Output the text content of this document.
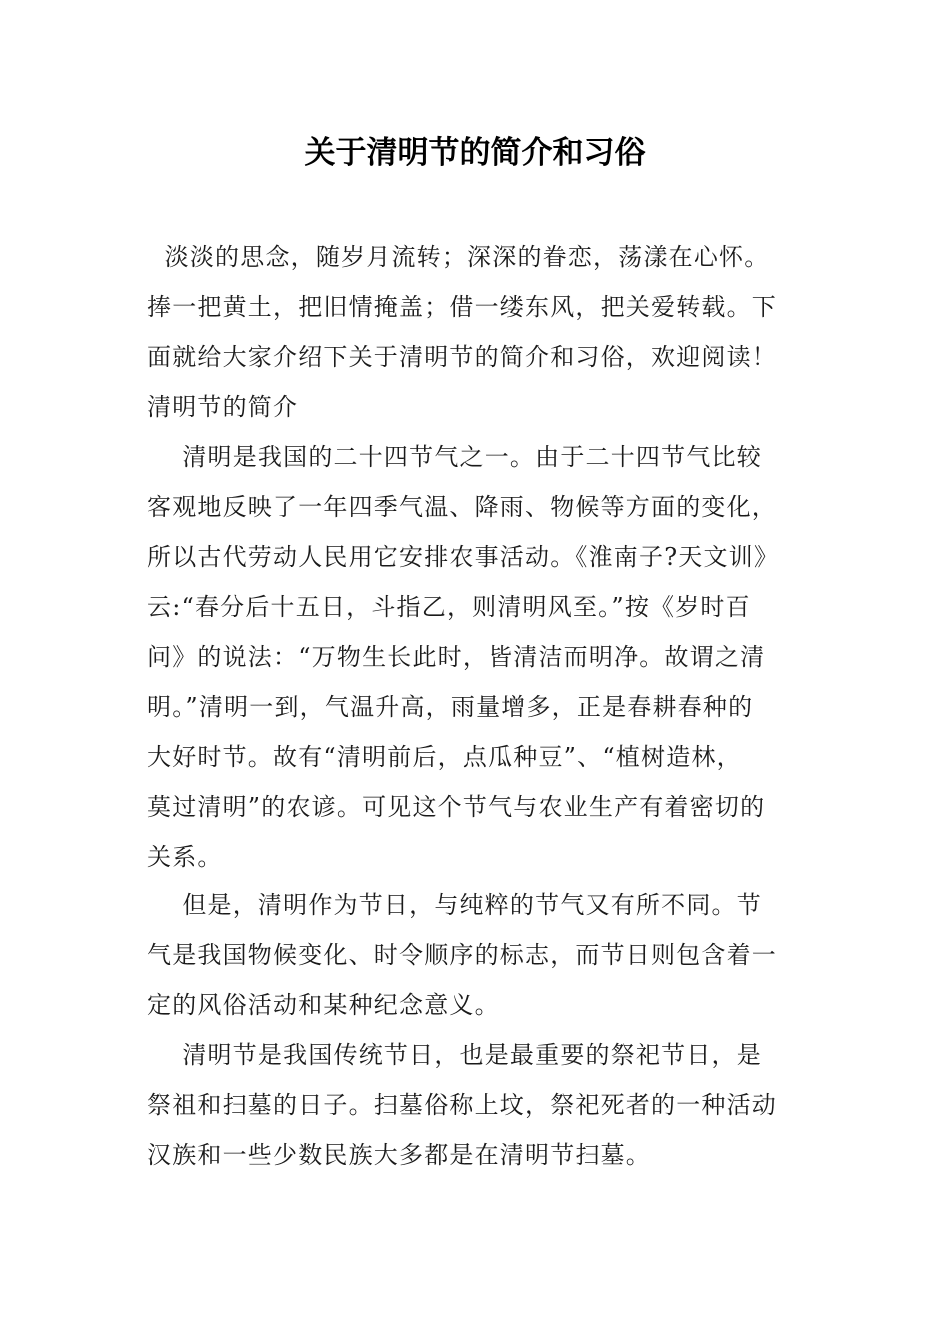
关于清明节的简介和习俗
淡淡的思念，随岁月流转；深深的眷恋，荡漾在心怀。
捧一把黄土，把旧情掩盖；借一缕东风，把关爱转载。下
面就给大家介绍下关于清明节的简介和习俗，欢迎阅读！
清明节的简介
清明是我国的二十四节气之一。由于二十四节气比较
客观地反映了一年四季气温、降雨、物候等方面的变化，
所以古代劳动人民用它安排农事活动。《淮南子?天文训》
云:“春分后十五日，斗指乙，则清明风至。”按《岁时百
问》的说法：“万物生长此时，皆清洁而明净。故谓之清
明。”清明一到，气温升高，雨量增多，正是春耕春种的
大好时节。故有“清明前后，点瓜种豆”、“植树造林，
莫过清明”的农谚。可见这个节气与农业生产有着密切的
关系。
但是，清明作为节日，与纯粹的节气又有所不同。节
气是我国物候变化、时令顺序的标志，而节日则包含着一
定的风俗活动和某种纪念意义。
清明节是我国传统节日，也是最重要的祭祀节日，是
祭祖和扫墓的日子。扫墓俗称上坟，祭祀死者的一种活动
汉族和一些少数民族大多都是在清明节扫墓。
